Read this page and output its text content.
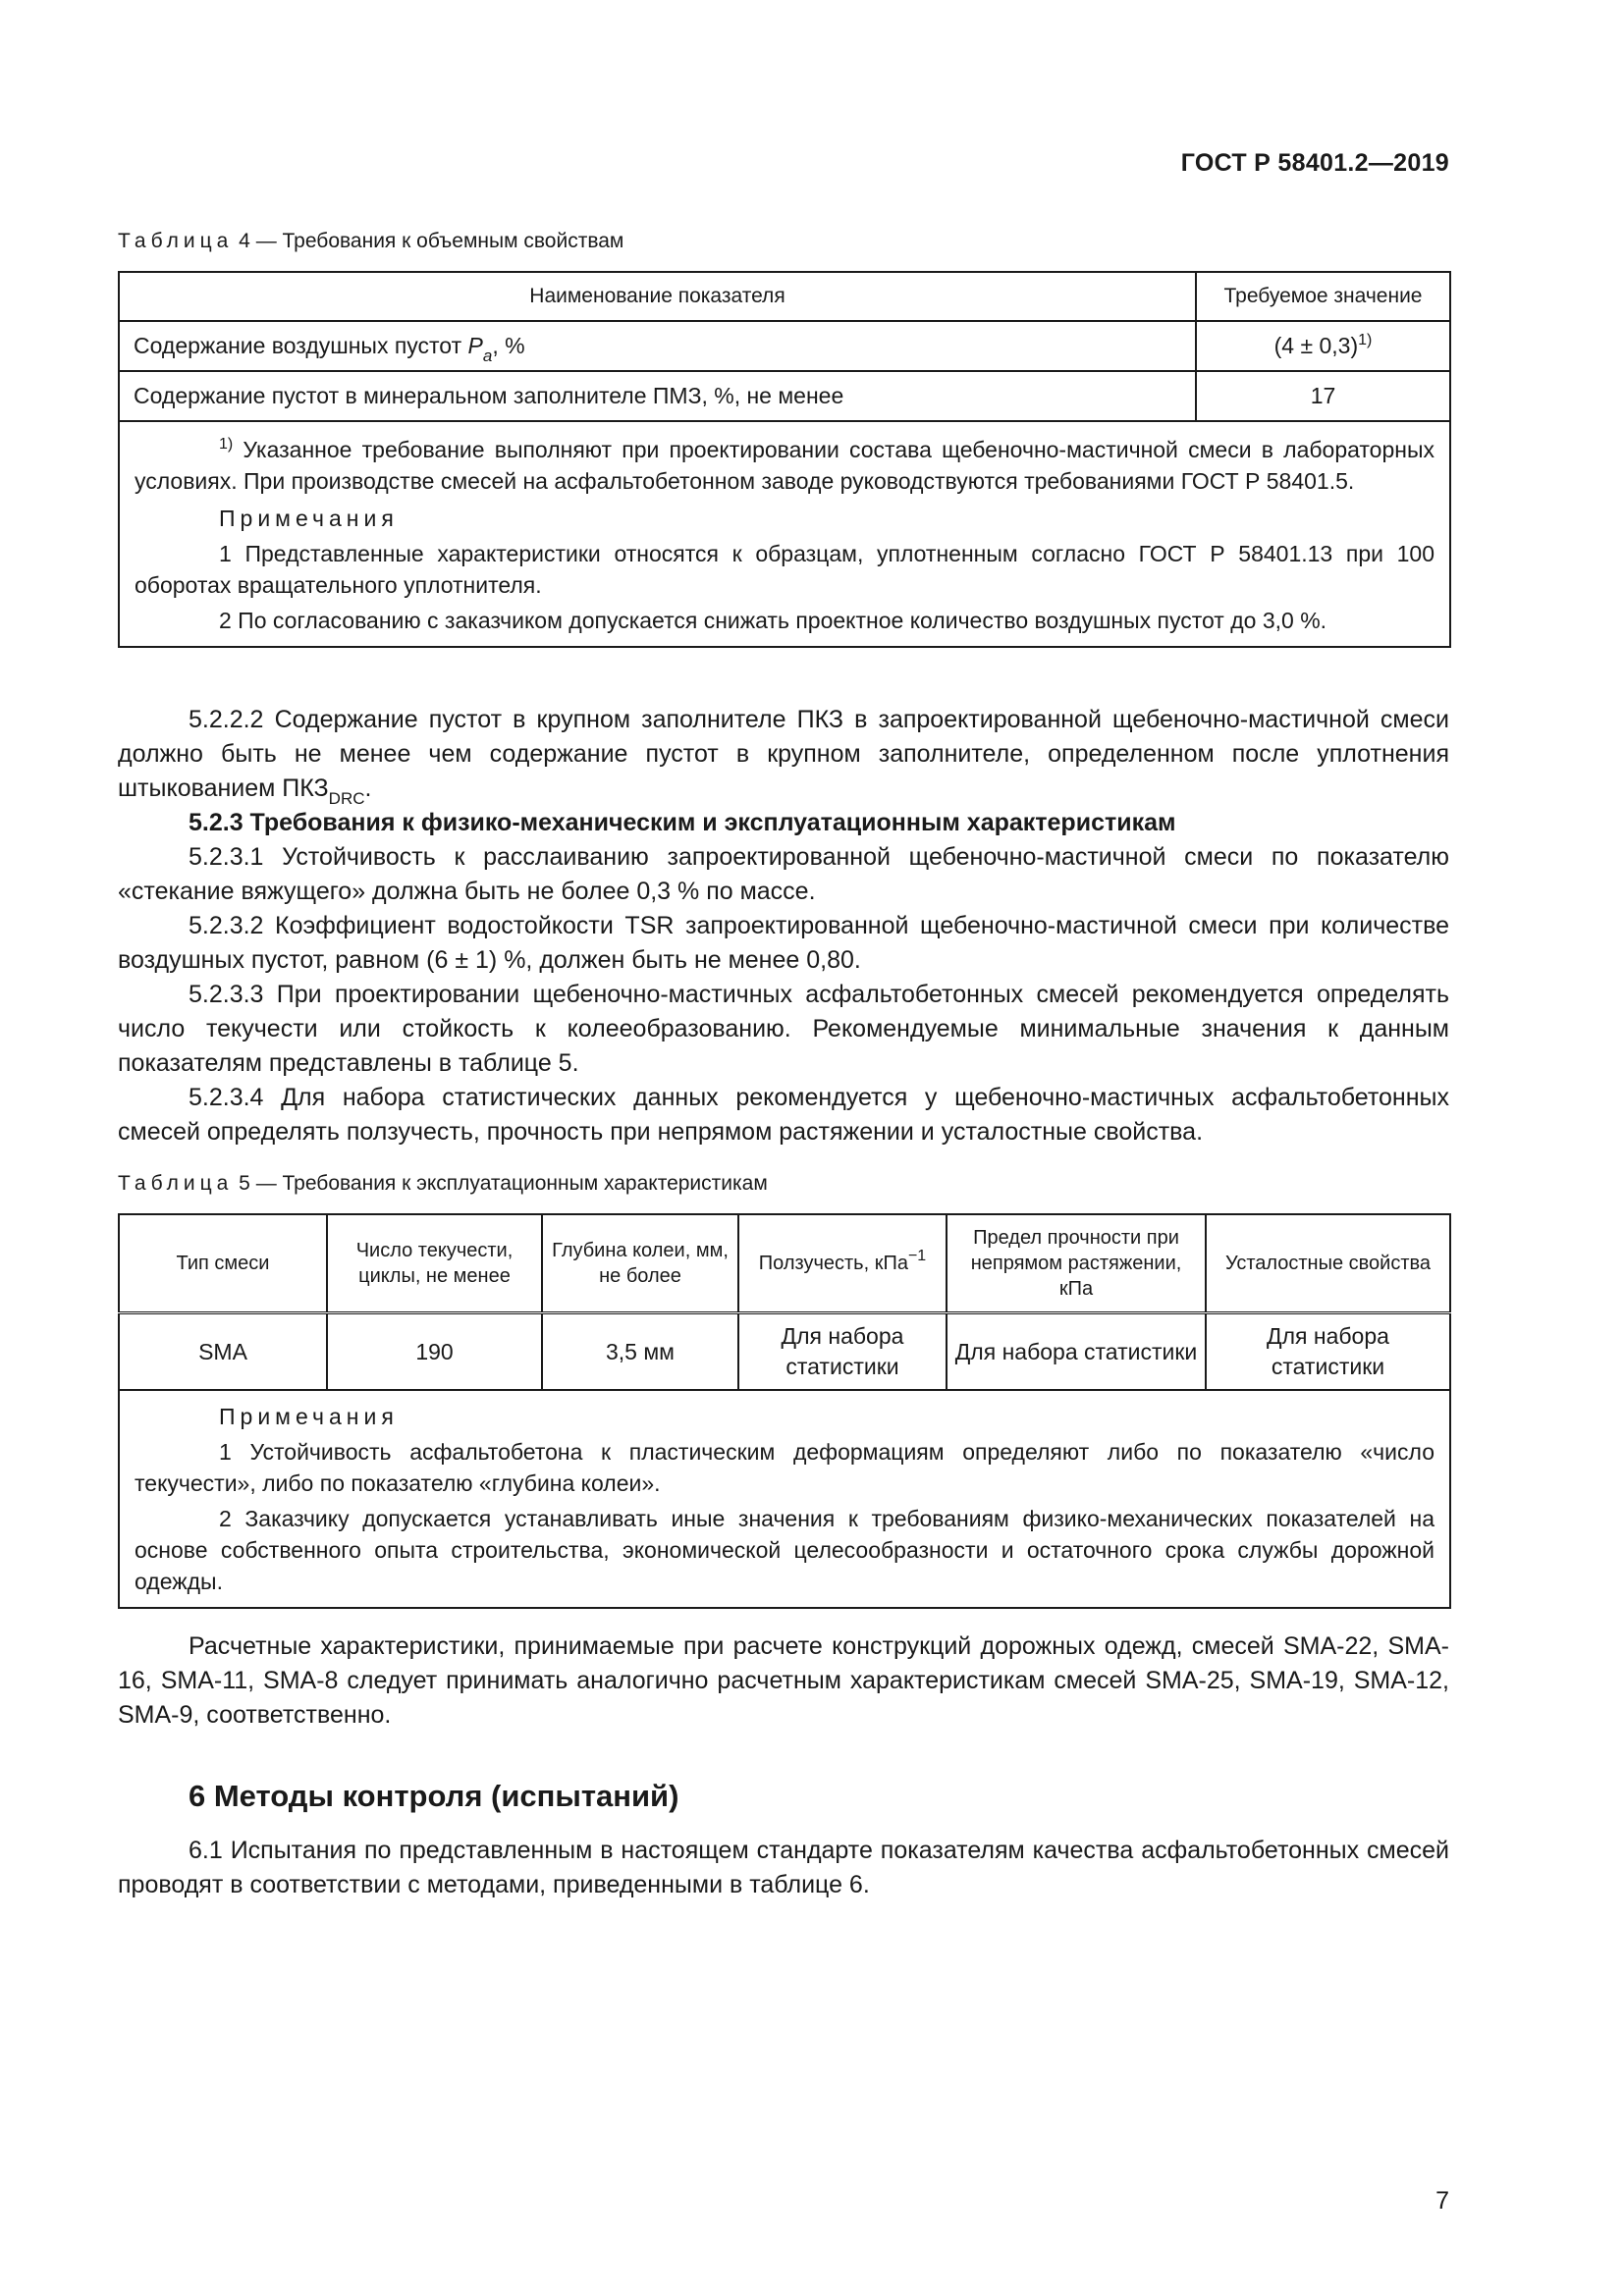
ГОСТ Р 58401.2—2019
Таблица 4 — Требования к объемным свойствам
Наименование показателя	Требуемое значение
Содержание воздушных пустот $P_a$, %	$(4 \pm 0,3)^{1)}$
Содержание пустот в минеральном заполнителе ПМЗ, %, не менее	17

$^{1)}$ Указанное требование выполняют при проектировании состава щебеночно-мастичной смеси в лабораторных условиях. При производстве смесей на асфальтобетонном заводе руководствуются требованиями ГОСТ Р 58401.5.

Примечания

1 Представленные характеристики относятся к образцам, уплотненным согласно ГОСТ Р 58401.13 при 100 оборотах вращательного уплотнителя.

2 По согласованию с заказчиком допускается снижать проектное количество воздушных пустот до 3,0 %.	

5.2.2.2 Содержание пустот в крупном заполнителе ПКЗ в запроектированной щебеночно-мастичной смеси должно быть не менее чем содержание пустот в крупном заполнителе, определенном после уплотнения штыкованием $ПКЗ_{DRC}$.

5.2.3 Требования к физико-механическим и эксплуатационным характеристикам

5.2.3.1 Устойчивость к расслаиванию запроектированной щебеночно-мастичной смеси по показателю «стекание вяжущего» должна быть не более 0,3 % по массе.

5.2.3.2 Коэффициент водостойкости TSR запроектированной щебеночно-мастичной смеси при количестве воздушных пустот, равном (6 ± 1) %, должен быть не менее 0,80.

5.2.3.3 При проектировании щебеночно-мастичных асфальтобетонных смесей рекомендуется определять число текучести или стойкость к колееобразованию. Рекомендуемые минимальные значения к данным показателям представлены в таблице 5.

5.2.3.4 Для набора статистических данных рекомендуется у щебеночно-мастичных асфальтобетонных смесей определять ползучесть, прочность при непрямом растяжении и усталостные свойства.

Таблица 5 — Требования к эксплуатационным характеристикам
Тип смеси	Число текучести, циклы, не менее	Глубина колеи, мм, не более	Ползучесть, кПа$^{-1}$	Предел прочности при непрямом растяжении, кПа	Усталостные свойства
SMA	190	3,5 мм	Для набора статистики	Для набора статистики	Для набора статистики

Примечания

1 Устойчивость асфальтобетона к пластическим деформациям определяют либо по показателю «число текучести», либо по показателю «глубина колеи».

2 Заказчику допускается устанавливать иные значения к требованиям физико-механических показателей на основе собственного опыта строительства, экономической целесообразности и остаточного срока службы дорожной одежды.					

Расчетные характеристики, принимаемые при расчете конструкций дорожных одежд, смесей SMA-22, SMA-16, SMA-11, SMA-8 следует принимать аналогично расчетным характеристикам смесей SMA-25, SMA-19, SMA-12, SMA-9, соответственно.

6 Методы контроля (испытаний)

6.1 Испытания по представленным в настоящем стандарте показателям качества асфальтобетонных смесей проводят в соответствии с методами, приведенными в таблице 6.

7
